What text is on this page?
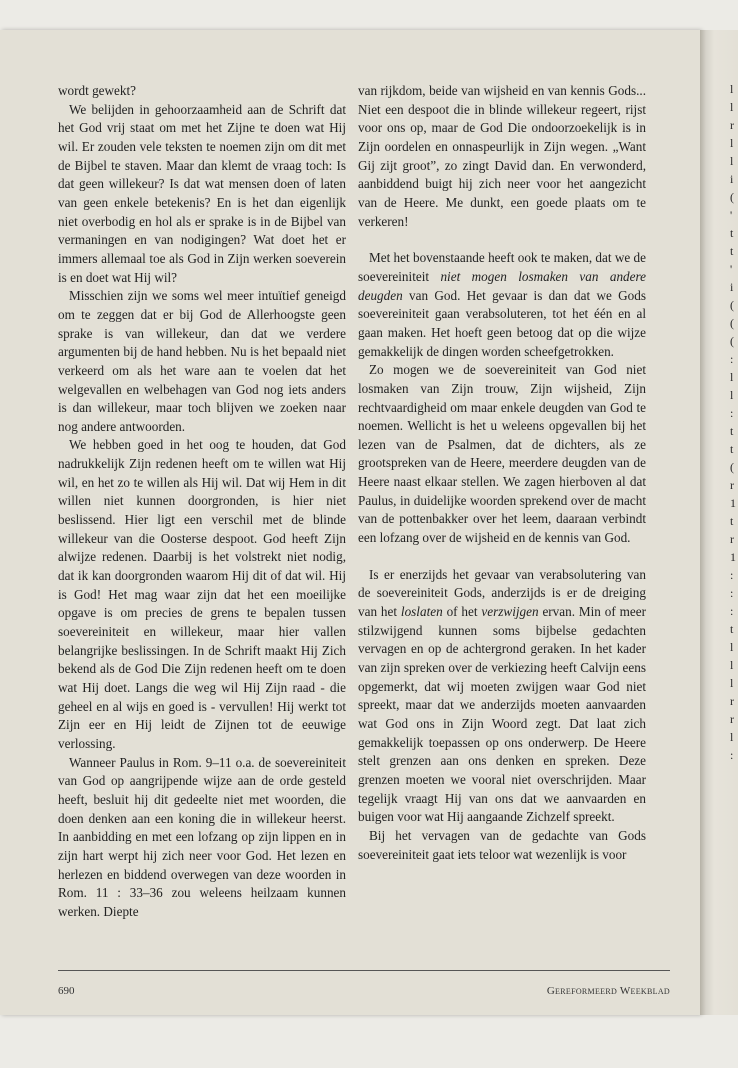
l l r l l i ( ' t t ' i ( ( ( : l l : t t ( r 1 t r 1 : : : t l l l r r l :

wordt gewekt?

We belijden in gehoorzaamheid aan de Schrift dat het God vrij staat om met het Zijne te doen wat Hij wil. Er zouden vele teksten te noemen zijn om dit met de Bijbel te staven. Maar dan klemt de vraag toch: Is dat geen willekeur? Is dat wat mensen doen of laten van geen enkele betekenis? En is het dan eigenlijk niet overbodig en hol als er sprake is in de Bijbel van vermaningen en van nodigingen? Wat doet het er immers allemaal toe als God in Zijn werken soeverein is en doet wat Hij wil?

Misschien zijn we soms wel meer intuïtief geneigd om te zeggen dat er bij God de Allerhoogste geen sprake is van willekeur, dan dat we verdere argumenten bij de hand hebben. Nu is het bepaald niet verkeerd om als het ware aan te voelen dat het welgevallen en welbehagen van God nog iets anders is dan willekeur, maar toch blijven we zoeken naar nog andere antwoorden.

We hebben goed in het oog te houden, dat God nadrukkelijk Zijn redenen heeft om te willen wat Hij wil, en het zo te willen als Hij wil. Dat wij Hem in dit willen niet kunnen doorgronden, is hier niet beslissend. Hier ligt een verschil met de blinde willekeur van die Oosterse despoot. God heeft Zijn alwijze redenen. Daarbij is het volstrekt niet nodig, dat ik kan doorgronden waarom Hij dit of dat wil. Hij is God! Het mag waar zijn dat het een moeilijke opgave is om precies de grens te bepalen tussen soevereiniteit en willekeur, maar hier vallen belangrijke beslissingen. In de Schrift maakt Hij Zich bekend als de God Die Zijn redenen heeft om te doen wat Hij doet. Langs die weg wil Hij Zijn raad - die geheel en al wijs en goed is - vervullen! Hij werkt tot Zijn eer en Hij leidt de Zijnen tot de eeuwige verlossing.

Wanneer Paulus in Rom. 9–11 o.a. de soevereiniteit van God op aangrijpende wijze aan de orde gesteld heeft, besluit hij dit gedeelte niet met woorden, die doen denken aan een koning die in willekeur heerst. In aanbidding en met een lofzang op zijn lippen en in zijn hart werpt hij zich neer voor God. Het lezen en herlezen en biddend overwegen van deze woorden in Rom. 11 : 33–36 zou weleens heilzaam kunnen werken. Diepte

van rijkdom, beide van wijsheid en van kennis Gods... Niet een despoot die in blinde willekeur regeert, rijst voor ons op, maar de God Die ondoorzoekelijk is in Zijn oordelen en onnaspeurlijk in Zijn wegen. „Want Gij zijt groot”, zo zingt David dan. En verwonderd, aanbiddend buigt hij zich neer voor het aangezicht van de Heere. Me dunkt, een goede plaats om te verkeren!

Met het bovenstaande heeft ook te maken, dat we de soevereiniteit niet mogen losmaken van andere deugden van God. Het gevaar is dan dat we Gods soevereiniteit gaan verabsoluteren, tot het één en al gaan maken. Het hoeft geen betoog dat op die wijze gemakkelijk de dingen worden scheefgetrokken.

Zo mogen we de soevereiniteit van God niet losmaken van Zijn trouw, Zijn wijsheid, Zijn rechtvaardigheid om maar enkele deugden van God te noemen. Wellicht is het u weleens opgevallen bij het lezen van de Psalmen, dat de dichters, als ze grootspreken van de Heere, meerdere deugden van de Heere naast elkaar stellen. We zagen hierboven al dat Paulus, in duidelijke woorden sprekend over de macht van de pottenbakker over het leem, daaraan verbindt een lofzang over de wijsheid en de kennis van God.

Is er enerzijds het gevaar van verabsolutering van de soevereiniteit Gods, anderzijds is er de dreiging van het loslaten of het verzwijgen ervan. Min of meer stilzwijgend kunnen soms bijbelse gedachten vervagen en op de achtergrond geraken. In het kader van zijn spreken over de verkiezing heeft Calvijn eens opgemerkt, dat wij moeten zwijgen waar God niet spreekt, maar dat we anderzijds moeten aanvaarden wat God ons in Zijn Woord zegt. Dat laat zich gemakkelijk toepassen op ons onderwerp. De Heere stelt grenzen aan ons denken en spreken. Deze grenzen moeten we vooral niet overschrijden. Maar tegelijk vraagt Hij van ons dat we aanvaarden en buigen voor wat Hij aangaande Zichzelf spreekt.

Bij het vervagen van de gedachte van Gods soevereiniteit gaat iets teloor wat wezenlijk is voor

690	Gereformeerd Weekblad
